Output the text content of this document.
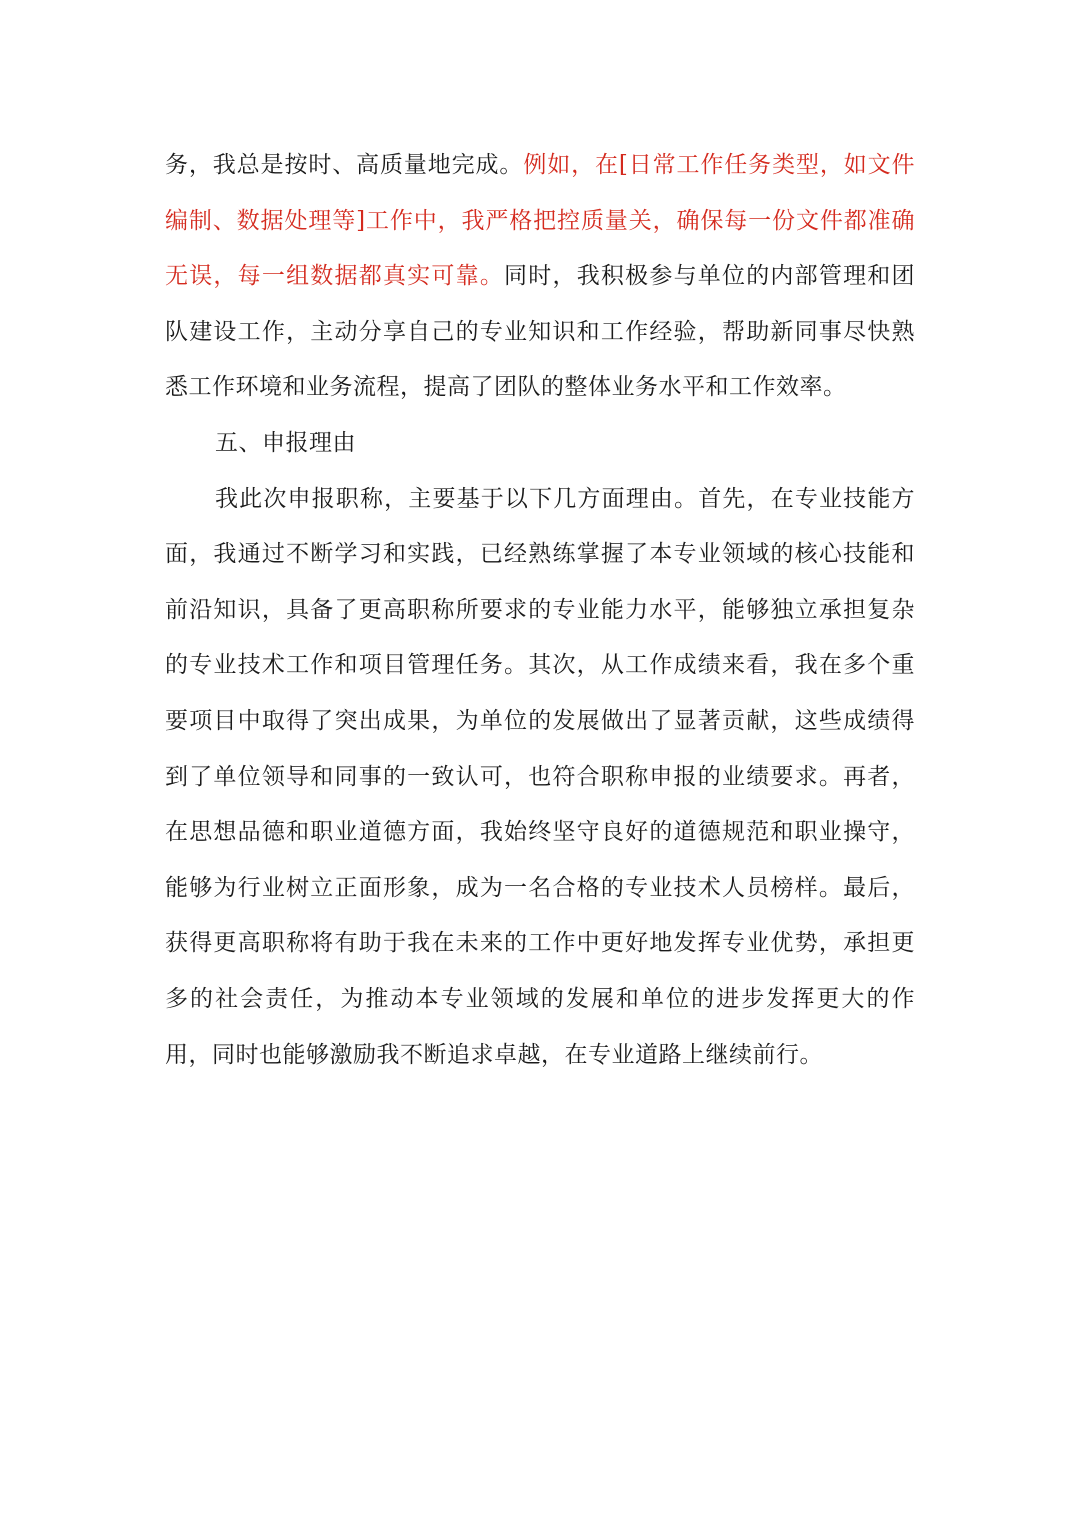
务，我总是按时、高质量地完成。例如，在[日常工作任务类型，如文件编制、数据处理等]工作中，我严格把控质量关，确保每一份文件都准确无误，每一组数据都真实可靠。同时，我积极参与单位的内部管理和团队建设工作，主动分享自己的专业知识和工作经验，帮助新同事尽快熟悉工作环境和业务流程，提高了团队的整体业务水平和工作效率。

五、申报理由

我此次申报职称，主要基于以下几方面理由。首先，在专业技能方面，我通过不断学习和实践，已经熟练掌握了本专业领域的核心技能和前沿知识，具备了更高职称所要求的专业能力水平，能够独立承担复杂的专业技术工作和项目管理任务。其次，从工作成绩来看，我在多个重要项目中取得了突出成果，为单位的发展做出了显著贡献，这些成绩得到了单位领导和同事的一致认可，也符合职称申报的业绩要求。再者，在思想品德和职业道德方面，我始终坚守良好的道德规范和职业操守，能够为行业树立正面形象，成为一名合格的专业技术人员榜样。最后，获得更高职称将有助于我在未来的工作中更好地发挥专业优势，承担更多的社会责任，为推动本专业领域的发展和单位的进步发挥更大的作用，同时也能够激励我不断追求卓越，在专业道路上继续前行。
